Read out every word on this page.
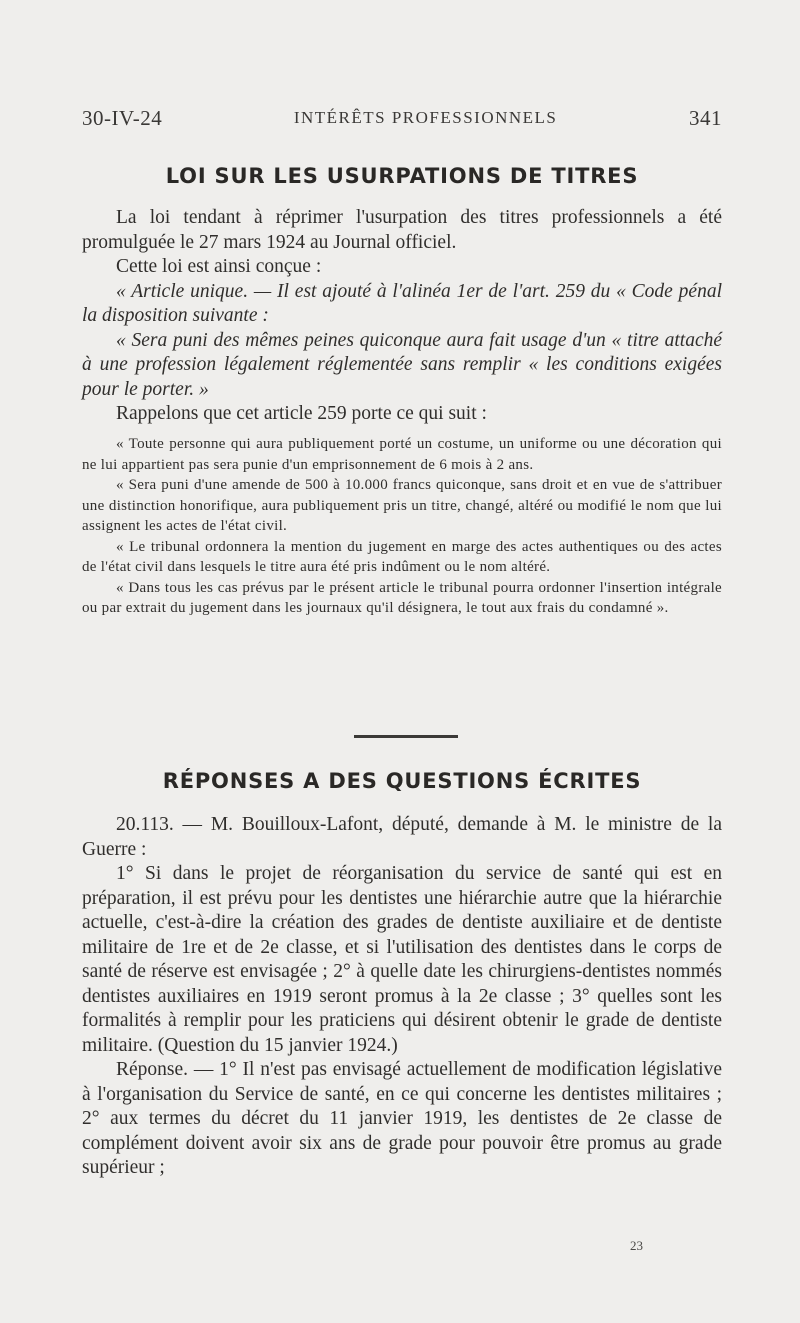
30-IV-24	INTÉRÊTS PROFESSIONNELS	341
LOI SUR LES USURPATIONS DE TITRES

La loi tendant à réprimer l'usurpation des titres professionnels a été promulguée le 27 mars 1924 au Journal officiel.

Cette loi est ainsi conçue :

« Article unique. — Il est ajouté à l'alinéa 1er de l'art. 259 du « Code pénal la disposition suivante :

« Sera puni des mêmes peines quiconque aura fait usage d'un « titre attaché à une profession légalement réglementée sans remplir « les conditions exigées pour le porter. »

Rappelons que cet article 259 porte ce qui suit :

« Toute personne qui aura publiquement porté un costume, un uniforme ou une décoration qui ne lui appartient pas sera punie d'un emprisonnement de 6 mois à 2 ans.

« Sera puni d'une amende de 500 à 10.000 francs quiconque, sans droit et en vue de s'attribuer une distinction honorifique, aura publiquement pris un titre, changé, altéré ou modifié le nom que lui assignent les actes de l'état civil.

« Le tribunal ordonnera la mention du jugement en marge des actes authentiques ou des actes de l'état civil dans lesquels le titre aura été pris indûment ou le nom altéré.

« Dans tous les cas prévus par le présent article le tribunal pourra ordonner l'insertion intégrale ou par extrait du jugement dans les journaux qu'il désignera, le tout aux frais du condamné ».

RÉPONSES A DES QUESTIONS ÉCRITES

20.113. — M. Bouilloux-Lafont, député, demande à M. le ministre de la Guerre :

1° Si dans le projet de réorganisation du service de santé qui est en préparation, il est prévu pour les dentistes une hiérarchie autre que la hiérarchie actuelle, c'est-à-dire la création des grades de dentiste auxiliaire et de dentiste militaire de 1re et de 2e classe, et si l'utilisation des dentistes dans le corps de santé de réserve est envisagée ; 2° à quelle date les chirurgiens-dentistes nommés dentistes auxiliaires en 1919 seront promus à la 2e classe ; 3° quelles sont les formalités à remplir pour les praticiens qui désirent obtenir le grade de dentiste militaire. (Question du 15 janvier 1924.)

Réponse. — 1° Il n'est pas envisagé actuellement de modification législative à l'organisation du Service de santé, en ce qui concerne les dentistes militaires ; 2° aux termes du décret du 11 janvier 1919, les dentistes de 2e classe de complément doivent avoir six ans de grade pour pouvoir être promus au grade supérieur ;

23
